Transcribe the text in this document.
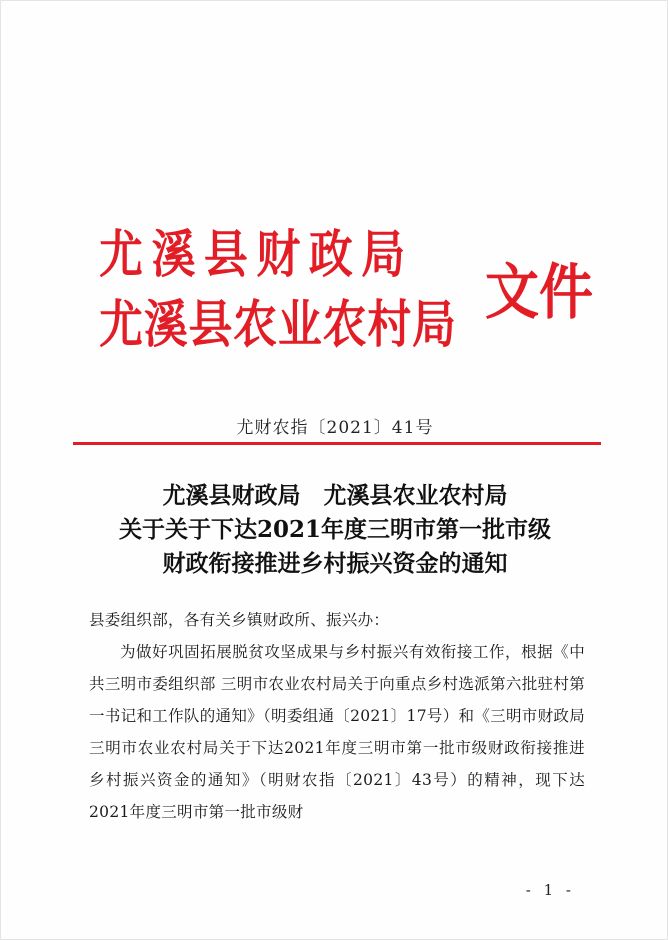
尤溪县财政局
尤溪县农业农村局 文件
尤财农指〔2021〕41号
尤溪县财政局　尤溪县农业农村局
关于关于下达2021年度三明市第一批市级
财政衔接推进乡村振兴资金的通知

县委组织部，各有关乡镇财政所、振兴办：

为做好巩固拓展脱贫攻坚成果与乡村振兴有效衔接工作，根据《中共三明市委组织部 三明市农业农村局关于向重点乡村选派第六批驻村第一书记和工作队的通知》（明委组通〔2021〕17号）和《三明市财政局 三明市农业农村局关于下达2021年度三明市第一批市级财政衔接推进乡村振兴资金的通知》（明财农指〔2021〕43号）的精神，现下达2021年度三明市第一批市级财

- 1 -
